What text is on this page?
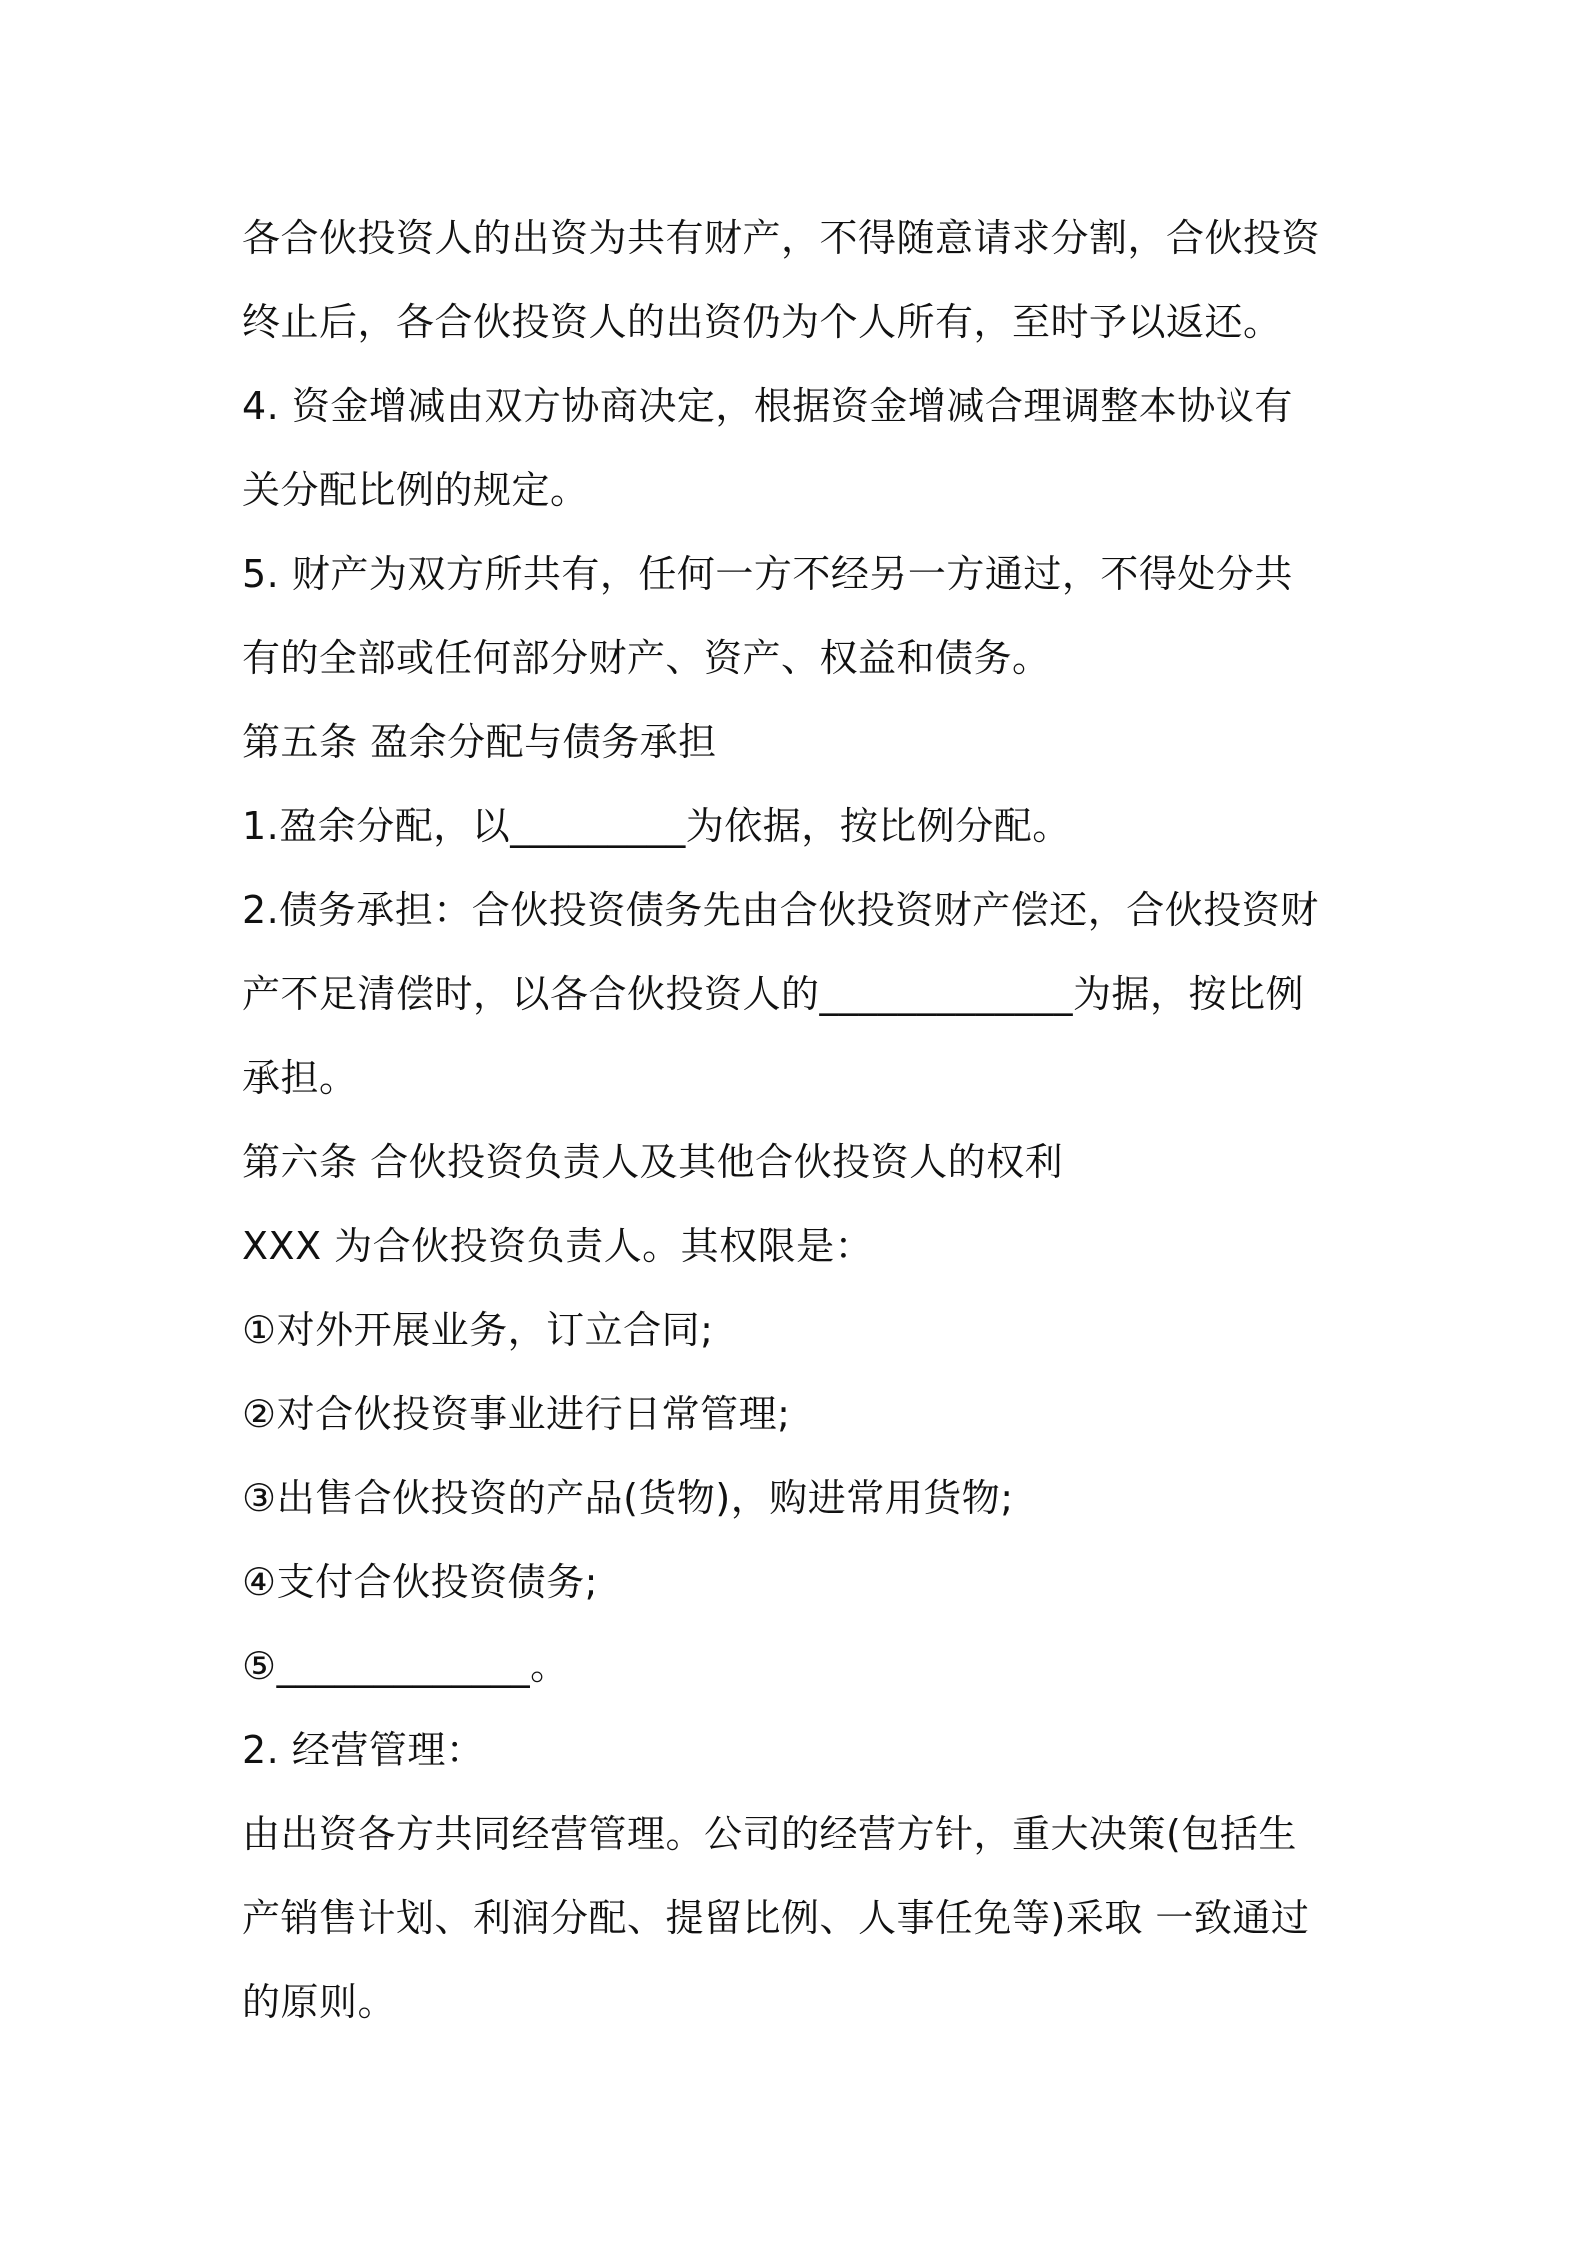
各合伙投资人的出资为共有财产，不得随意请求分割，合伙投资
终止后，各合伙投资人的出资仍为个人所有，至时予以返还。
4. 资金增减由双方协商决定，根据资金增减合理调整本协议有
关分配比例的规定。
5. 财产为双方所共有，任何一方不经另一方通过，不得处分共
有的全部或任何部分财产、资产、权益和债务。
第五条 盈余分配与债务承担
1.盈余分配，以_________为依据，按比例分配。
2.债务承担：合伙投资债务先由合伙投资财产偿还，合伙投资财
产不足清偿时，以各合伙投资人的_____________为据，按比例
承担。
第六条 合伙投资负责人及其他合伙投资人的权利
XXX 为合伙投资负责人。其权限是：
①对外开展业务，订立合同;
②对合伙投资事业进行日常管理;
③出售合伙投资的产品(货物)，购进常用货物;
④支付合伙投资债务;
⑤_____________。
2. 经营管理：
由出资各方共同经营管理。公司的经营方针，重大决策(包括生
产销售计划、利润分配、提留比例、人事任免等)采取 一致通过
的原则。
